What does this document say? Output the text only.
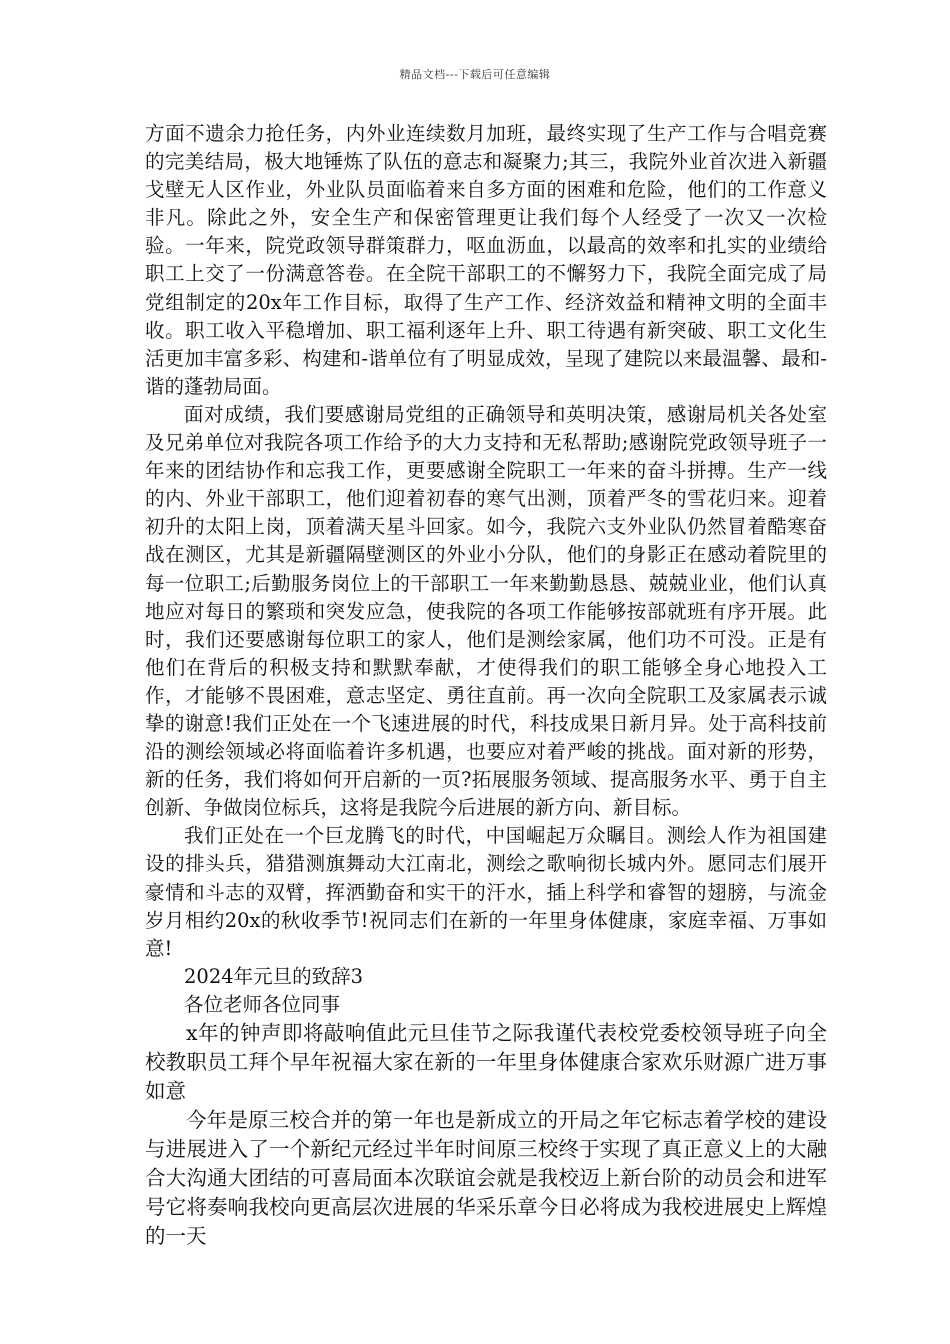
精品文档---下载后可任意编辑

方面不遗余力抢任务，内外业连续数月加班，最终实现了生产工作与合唱竞赛的完美结局，极大地锤炼了队伍的意志和凝聚力;其三，我院外业首次进入新疆戈壁无人区作业，外业队员面临着来自多方面的困难和危险，他们的工作意义非凡。除此之外，安全生产和保密管理更让我们每个人经受了一次又一次检验。一年来，院党政领导群策群力，呕血沥血，以最高的效率和扎实的业绩给职工上交了一份满意答卷。在全院干部职工的不懈努力下，我院全面完成了局党组制定的20x年工作目标，取得了生产工作、经济效益和精神文明的全面丰收。职工收入平稳增加、职工福利逐年上升、职工待遇有新突破、职工文化生活更加丰富多彩、构建和-谐单位有了明显成效，呈现了建院以来最温馨、最和-谐的蓬勃局面。

面对成绩，我们要感谢局党组的正确领导和英明决策，感谢局机关各处室及兄弟单位对我院各项工作给予的大力支持和无私帮助;感谢院党政领导班子一年来的团结协作和忘我工作，更要感谢全院职工一年来的奋斗拼搏。生产一线的内、外业干部职工，他们迎着初春的寒气出测，顶着严冬的雪花归来。迎着初升的太阳上岗，顶着满天星斗回家。如今，我院六支外业队仍然冒着酷寒奋战在测区，尤其是新疆隔壁测区的外业小分队，他们的身影正在感动着院里的每一位职工;后勤服务岗位上的干部职工一年来勤勤恳恳、兢兢业业，他们认真地应对每日的繁琐和突发应急，使我院的各项工作能够按部就班有序开展。此时，我们还要感谢每位职工的家人，他们是测绘家属，他们功不可没。正是有他们在背后的积极支持和默默奉献，才使得我们的职工能够全身心地投入工作，才能够不畏困难，意志坚定、勇往直前。再一次向全院职工及家属表示诚挚的谢意!我们正处在一个飞速进展的时代，科技成果日新月异。处于高科技前沿的测绘领域必将面临着许多机遇，也要应对着严峻的挑战。面对新的形势，新的任务，我们将如何开启新的一页?拓展服务领域、提高服务水平、勇于自主创新、争做岗位标兵，这将是我院今后进展的新方向、新目标。

我们正处在一个巨龙腾飞的时代，中国崛起万众瞩目。测绘人作为祖国建设的排头兵，猎猎测旗舞动大江南北，测绘之歌响彻长城内外。愿同志们展开豪情和斗志的双臂，挥洒勤奋和实干的汗水，插上科学和睿智的翅膀，与流金岁月相约20x的秋收季节!祝同志们在新的一年里身体健康，家庭幸福、万事如意!

2024年元旦的致辞3

各位老师各位同事

x年的钟声即将敲响值此元旦佳节之际我谨代表校党委校领导班子向全校教职员工拜个早年祝福大家在新的一年里身体健康合家欢乐财源广进万事如意

今年是原三校合并的第一年也是新成立的开局之年它标志着学校的建设与进展进入了一个新纪元经过半年时间原三校终于实现了真正意义上的大融合大沟通大团结的可喜局面本次联谊会就是我校迈上新台阶的动员会和进军号它将奏响我校向更高层次进展的华采乐章今日必将成为我校进展史上辉煌的一天
